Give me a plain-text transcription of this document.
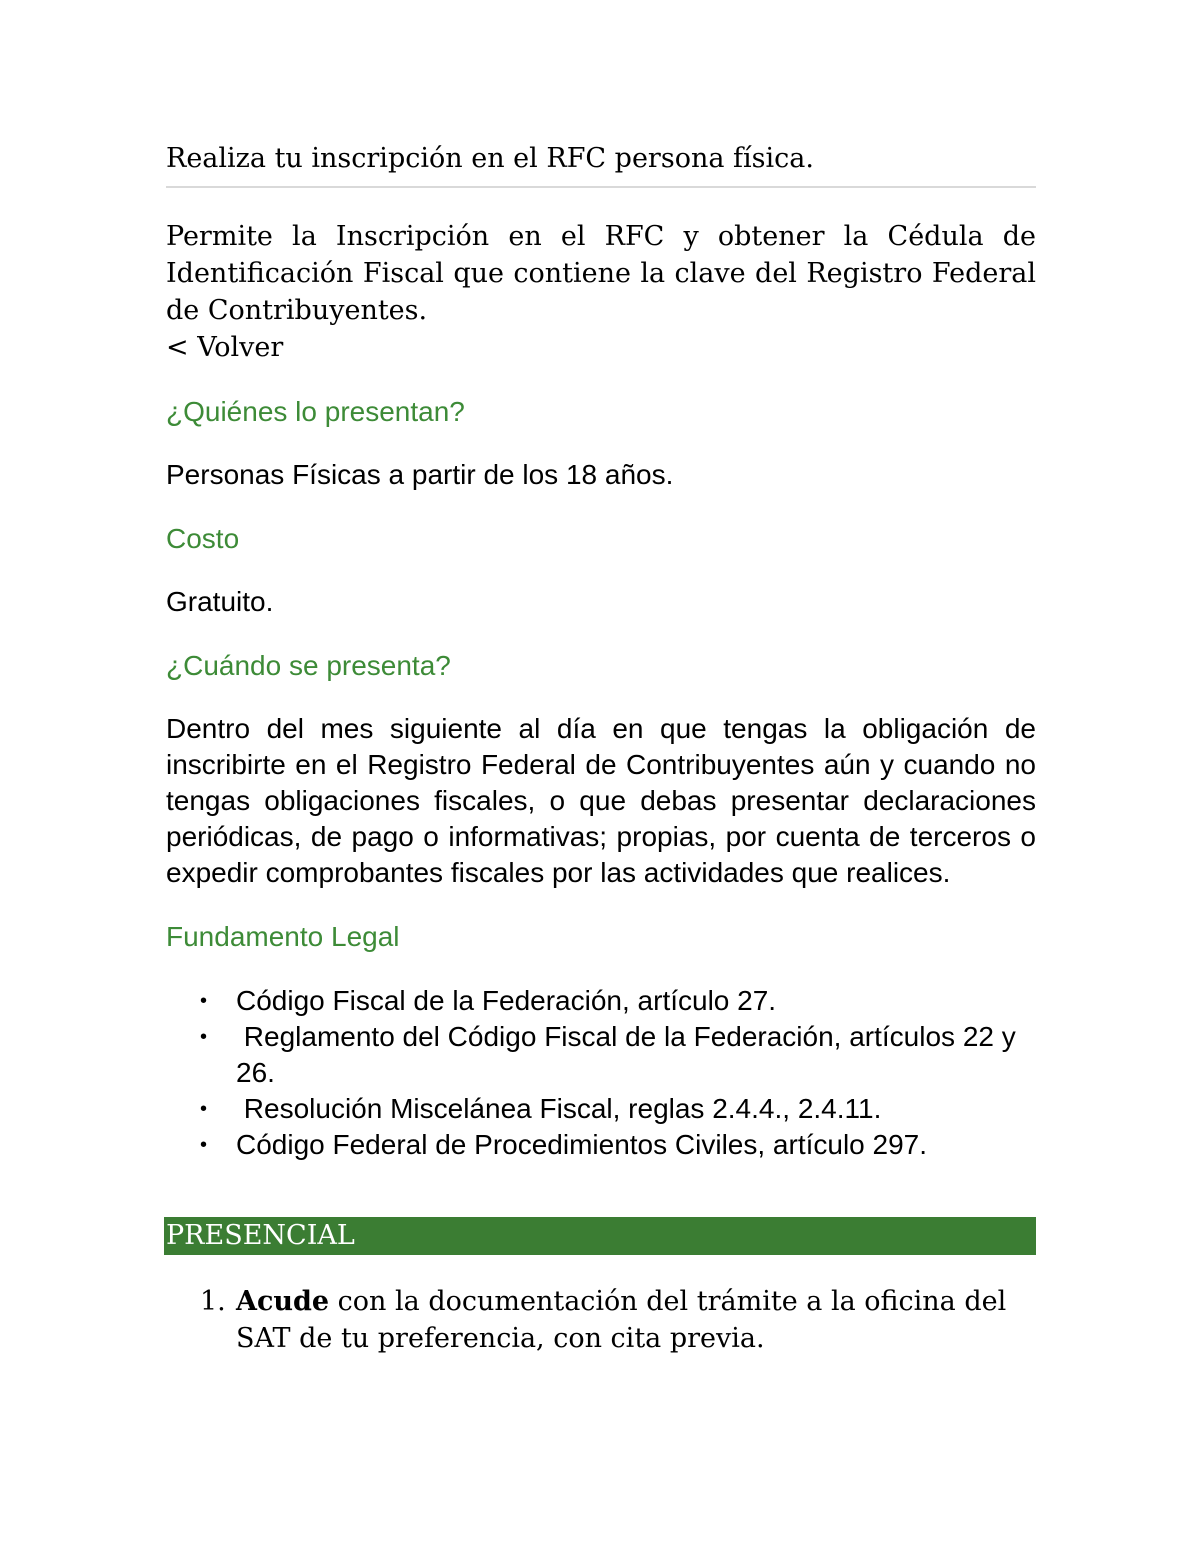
Realiza tu inscripción en el RFC persona física.

Permite la Inscripción en el RFC y obtener la Cédula de Identificación Fiscal que contiene la clave del Registro Federal de Contribuyentes.

< Volver
¿Quiénes lo presentan?

Personas Físicas a partir de los 18 años.

Costo

Gratuito.

¿Cuándo se presenta?

Dentro del mes siguiente al día en que tengas la obligación de inscribirte en el Registro Federal de Contribuyentes aún y cuando no tengas obligaciones fiscales, o que debas presentar declaraciones periódicas, de pago o informativas; propias, por cuenta de terceros o expedir comprobantes fiscales por las actividades que realices.

Fundamento Legal
• Código Fiscal de la Federación, artículo 27.
• Reglamento del Código Fiscal de la Federación, artículos 22 y 26.
• Resolución Miscelánea Fiscal, reglas 2.4.4., 2.4.11.
• Código Federal de Procedimientos Civiles, artículo 297.
PRESENCIAL
1. Acude con la documentación del trámite a la oficina del SAT de tu preferencia, con cita previa.
